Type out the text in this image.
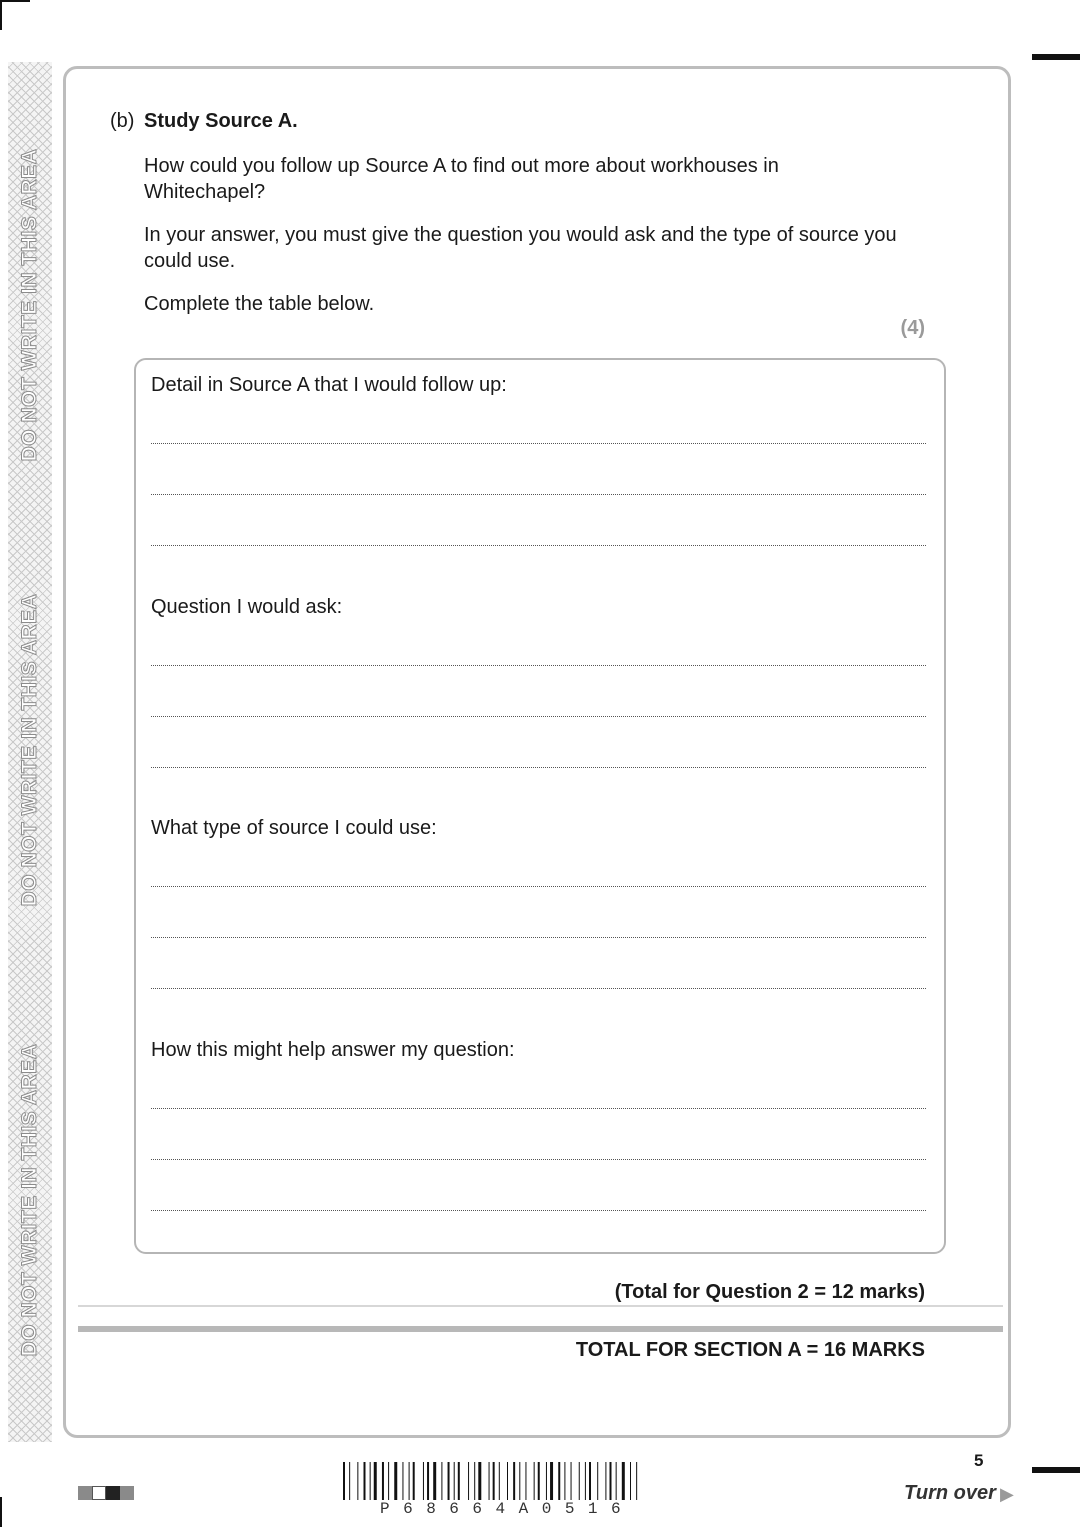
DO NOT WRITE IN THIS AREA
DO NOT WRITE IN THIS AREA
DO NOT WRITE IN THIS AREA
(b) Study Source A.
How could you follow up Source A to find out more about workhouses in Whitechapel?
In your answer, you must give the question you would ask and the type of source you could use.
Complete the table below.
(4)
Detail in Source A that I would follow up:
Question I would ask:
What type of source I could use:
How this might help answer my question:
(Total for Question 2 = 12 marks)
TOTAL FOR SECTION A = 16 MARKS
P68664A0516
5
Turn over ▶
